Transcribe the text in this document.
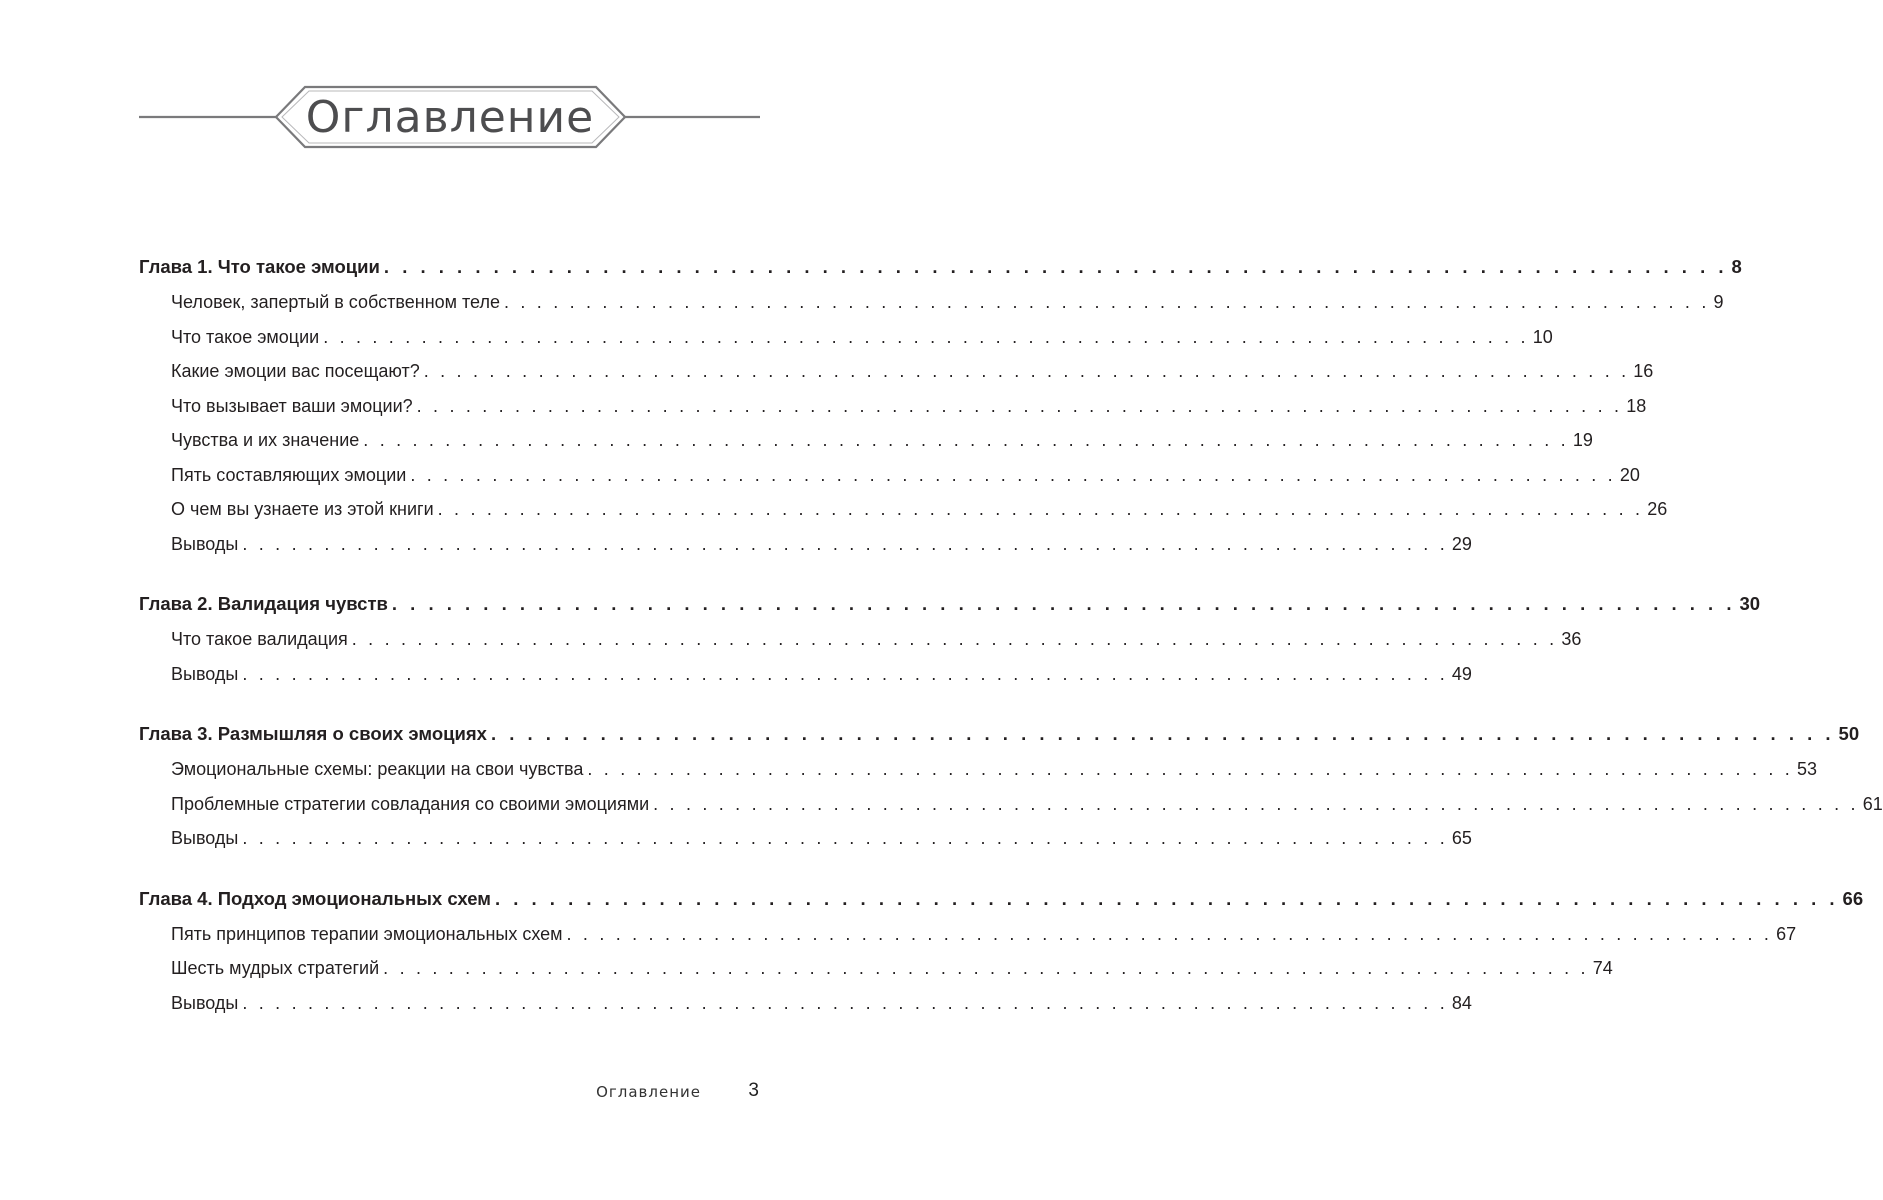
Оглавление
Глава 1. Что такое эмоции . . . . . . . . . . . . . . . . . . . . . . . . . . . . . . . . . . . . . . . . . . . . . . . . . . . . . . . . . . . . . . . . . . . . . . . . . . 8
Человек, запертый в собственном теле . . . . . . . . . . . . . . . . . . . . . . . . . . . . . . . . . . . . . . . . . . . . . . . . . . . . . . . . . . . . . . . . . . . . . . . . . . 9
Что такое эмоции . . . . . . . . . . . . . . . . . . . . . . . . . . . . . . . . . . . . . . . . . . . . . . . . . . . . . . . . . . . . . . . . . . . . . . . . . . 10
Какие эмоции вас посещают? . . . . . . . . . . . . . . . . . . . . . . . . . . . . . . . . . . . . . . . . . . . . . . . . . . . . . . . . . . . . . . . . . . . . . . . . . . 16
Что вызывает ваши эмоции? . . . . . . . . . . . . . . . . . . . . . . . . . . . . . . . . . . . . . . . . . . . . . . . . . . . . . . . . . . . . . . . . . . . . . . . . . . 18
Чувства и их значение . . . . . . . . . . . . . . . . . . . . . . . . . . . . . . . . . . . . . . . . . . . . . . . . . . . . . . . . . . . . . . . . . . . . . . . . . . 19
Пять составляющих эмоции . . . . . . . . . . . . . . . . . . . . . . . . . . . . . . . . . . . . . . . . . . . . . . . . . . . . . . . . . . . . . . . . . . . . . . . . . . 20
О чем вы узнаете из этой книги . . . . . . . . . . . . . . . . . . . . . . . . . . . . . . . . . . . . . . . . . . . . . . . . . . . . . . . . . . . . . . . . . . . . . . . . . . 26
Выводы . . . . . . . . . . . . . . . . . . . . . . . . . . . . . . . . . . . . . . . . . . . . . . . . . . . . . . . . . . . . . . . . . . . . . . . . . . 29
Глава 2. Валидация чувств . . . . . . . . . . . . . . . . . . . . . . . . . . . . . . . . . . . . . . . . . . . . . . . . . . . . . . . . . . . . . . . . . . . . . . . . . . 30
Что такое валидация . . . . . . . . . . . . . . . . . . . . . . . . . . . . . . . . . . . . . . . . . . . . . . . . . . . . . . . . . . . . . . . . . . . . . . . . . . 36
Выводы . . . . . . . . . . . . . . . . . . . . . . . . . . . . . . . . . . . . . . . . . . . . . . . . . . . . . . . . . . . . . . . . . . . . . . . . . . 49
Глава 3. Размышляя о своих эмоциях . . . . . . . . . . . . . . . . . . . . . . . . . . . . . . . . . . . . . . . . . . . . . . . . . . . . . . . . . . . . . . . . . . . . . . . . . . 50
Эмоциональные схемы: реакции на свои чувства . . . . . . . . . . . . . . . . . . . . . . . . . . . . . . . . . . . . . . . . . . . . . . . . . . . . . . . . . . . . . . . . . . . . . . . . . . 53
Проблемные стратегии совладания со своими эмоциями . . . . . . . . . . . . . . . . . . . . . . . . . . . . . . . . . . . . . . . . . . . . . . . . . . . . . . . . . . . . . . . . . . . . . . . . . . 61
Выводы . . . . . . . . . . . . . . . . . . . . . . . . . . . . . . . . . . . . . . . . . . . . . . . . . . . . . . . . . . . . . . . . . . . . . . . . . . 65
Глава 4. Подход эмоциональных схем . . . . . . . . . . . . . . . . . . . . . . . . . . . . . . . . . . . . . . . . . . . . . . . . . . . . . . . . . . . . . . . . . . . . . . . . . . 66
Пять принципов терапии эмоциональных схем . . . . . . . . . . . . . . . . . . . . . . . . . . . . . . . . . . . . . . . . . . . . . . . . . . . . . . . . . . . . . . . . . . . . . . . . . . 67
Шесть мудрых стратегий . . . . . . . . . . . . . . . . . . . . . . . . . . . . . . . . . . . . . . . . . . . . . . . . . . . . . . . . . . . . . . . . . . . . . . . . . . 74
Выводы . . . . . . . . . . . . . . . . . . . . . . . . . . . . . . . . . . . . . . . . . . . . . . . . . . . . . . . . . . . . . . . . . . . . . . . . . . 84
Оглавление 3
